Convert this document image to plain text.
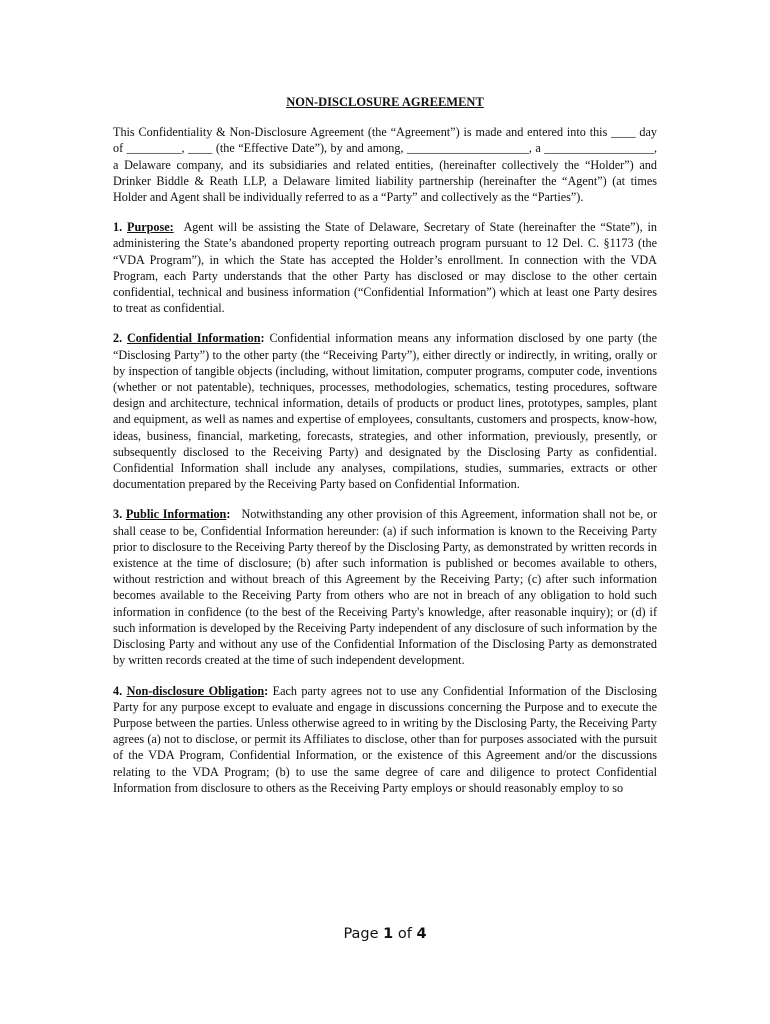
NON-DISCLOSURE AGREEMENT

This Confidentiality & Non-Disclosure Agreement (the “Agreement”) is made and entered into this ____ day of _________, ____ (the “Effective Date”), by and among, ____________________, a __________________, a Delaware company, and its subsidiaries and related entities, (hereinafter collectively the “Holder”) and Drinker Biddle & Reath LLP, a Delaware limited liability partnership (hereinafter the “Agent”) (at times Holder and Agent shall be individually referred to as a “Party” and collectively as the “Parties”).

1. Purpose: Agent will be assisting the State of Delaware, Secretary of State (hereinafter the “State”), in administering the State’s abandoned property reporting outreach program pursuant to 12 Del. C. §1173 (the “VDA Program”), in which the State has accepted the Holder’s enrollment. In connection with the VDA Program, each Party understands that the other Party has disclosed or may disclose to the other certain confidential, technical and business information (“Confidential Information”) which at least one Party desires to treat as confidential.

2. Confidential Information: Confidential information means any information disclosed by one party (the “Disclosing Party”) to the other party (the “Receiving Party”), either directly or indirectly, in writing, orally or by inspection of tangible objects (including, without limitation, computer programs, computer code, inventions (whether or not patentable), techniques, processes, methodologies, schematics, testing procedures, software design and architecture, technical information, details of products or product lines, prototypes, samples, plant and equipment, as well as names and expertise of employees, consultants, customers and prospects, know-how, ideas, business, financial, marketing, forecasts, strategies, and other information, previously, presently, or subsequently disclosed to the Receiving Party) and designated by the Disclosing Party as confidential. Confidential Information shall include any analyses, compilations, studies, summaries, extracts or other documentation prepared by the Receiving Party based on Confidential Information.

3. Public Information: Notwithstanding any other provision of this Agreement, information shall not be, or shall cease to be, Confidential Information hereunder: (a) if such information is known to the Receiving Party prior to disclosure to the Receiving Party thereof by the Disclosing Party, as demonstrated by written records in existence at the time of disclosure; (b) after such information is published or becomes available to others, without restriction and without breach of this Agreement by the Receiving Party; (c) after such information becomes available to the Receiving Party from others who are not in breach of any obligation to hold such information in confidence (to the best of the Receiving Party's knowledge, after reasonable inquiry); or (d) if such information is developed by the Receiving Party independent of any disclosure of such information by the Disclosing Party and without any use of the Confidential Information of the Disclosing Party as demonstrated by written records created at the time of such independent development.

4. Non-disclosure Obligation: Each party agrees not to use any Confidential Information of the Disclosing Party for any purpose except to evaluate and engage in discussions concerning the Purpose and to execute the Purpose between the parties. Unless otherwise agreed to in writing by the Disclosing Party, the Receiving Party agrees (a) not to disclose, or permit its Affiliates to disclose, other than for purposes associated with the pursuit of the VDA Program, Confidential Information, or the existence of this Agreement and/or the discussions relating to the VDA Program; (b) to use the same degree of care and diligence to protect Confidential Information from disclosure to others as the Receiving Party employs or should reasonably employ to so

Page 1 of 4
